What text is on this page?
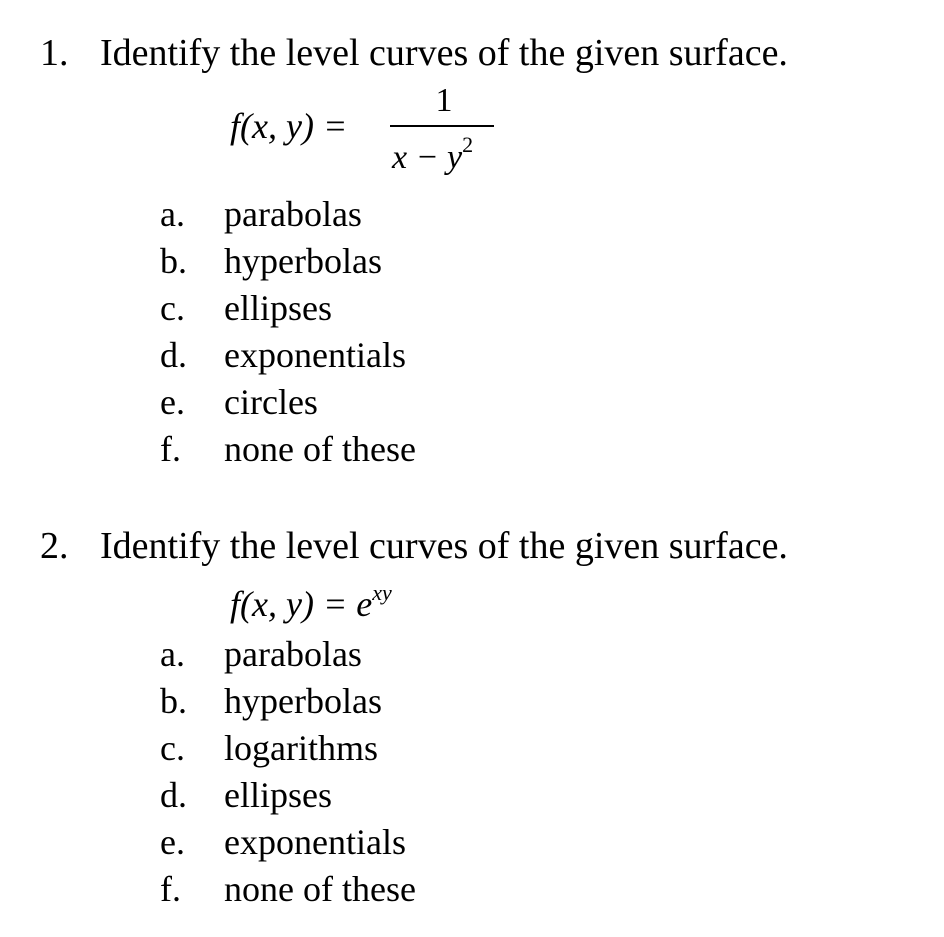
1. Identify the level curves of the given surface.
f(x, y) =
1
$x - y^2$
a. parabolas
b. hyperbolas
c. ellipses
d. exponentials
e. circles
f. none of these
2. Identify the level curves of the given surface.
f(x, $y) = e^{xy}$
a. parabolas
b. hyperbolas
c. logarithms
d. ellipses
e. exponentials
f. none of these
